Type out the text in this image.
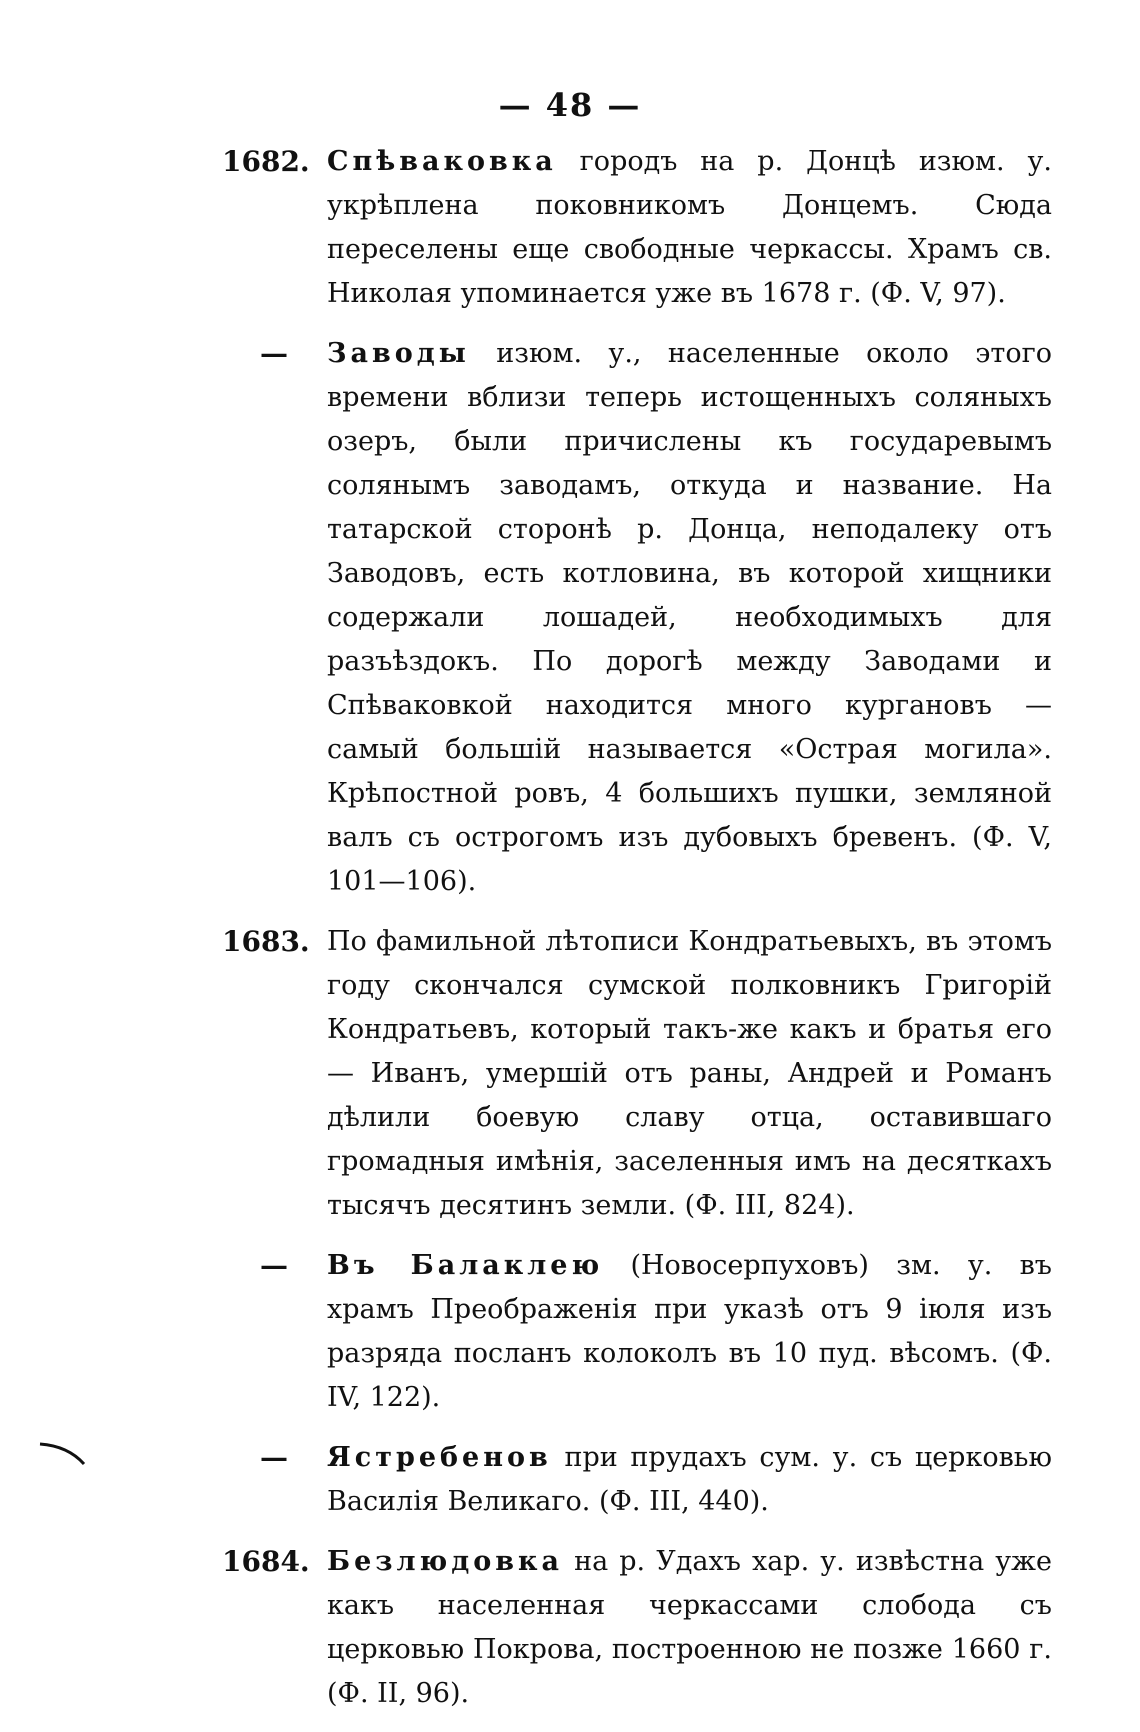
— 48 —
1682. Спѣваковка городъ на р. Донцѣ изюм. у. укрѣплена поковникомъ Донцемъ. Сюда переселены еще свободные черкассы. Храмъ св. Николая упоминается уже въ 1678 г. (Ф. V, 97).
—	Заводы изюм. у., населенные около этого времени вблизи теперь истощенныхъ соляныхъ озеръ, были причислены къ государевымъ солянымъ заводамъ, откуда и название. На татарской сторонѣ р. Донца, неподалеку отъ Заводовъ, есть котловина, въ которой хищники содержали лошадей, необходимыхъ для разъѣздокъ. По дорогѣ между Заводами и Спѣваковкой находится много кургановъ — самый большiй называется «Острая могила». Крѣпостной ровъ, 4 большихъ пушки, земляной валъ съ острогомъ изъ дубовыхъ бревенъ. (Ф. V, 101—106).
1683. По фамильной лѣтописи Кондратьевыхъ, въ этомъ году скончался сумской полковникъ Григорiй Кондратьевъ, который такъ-же какъ и братья его — Иванъ, умершiй отъ раны, Андрей и Романъ дѣлили боевую славу отца, оставившаго громадныя имѣнiя, заселенныя имъ на десяткахъ тысячъ десятинъ земли. (Ф. III, 824).
—	Въ Балаклею (Новосерпуховъ) зм. у. въ храмъ Преображенiя при указѣ отъ 9 iюля изъ разряда посланъ колоколъ въ 10 пуд. вѣсомъ. (Ф. IV, 122).
—	Ястребенов при прудахъ сум. у. съ церковью Василiя Великаго. (Ф. III, 440).
1684. Безлюдовка на р. Удахъ хар. у. извѣстна уже какъ населенная черкассами слобода съ церковью Покрова, построенною не позже 1660 г. (Ф. II, 96).
